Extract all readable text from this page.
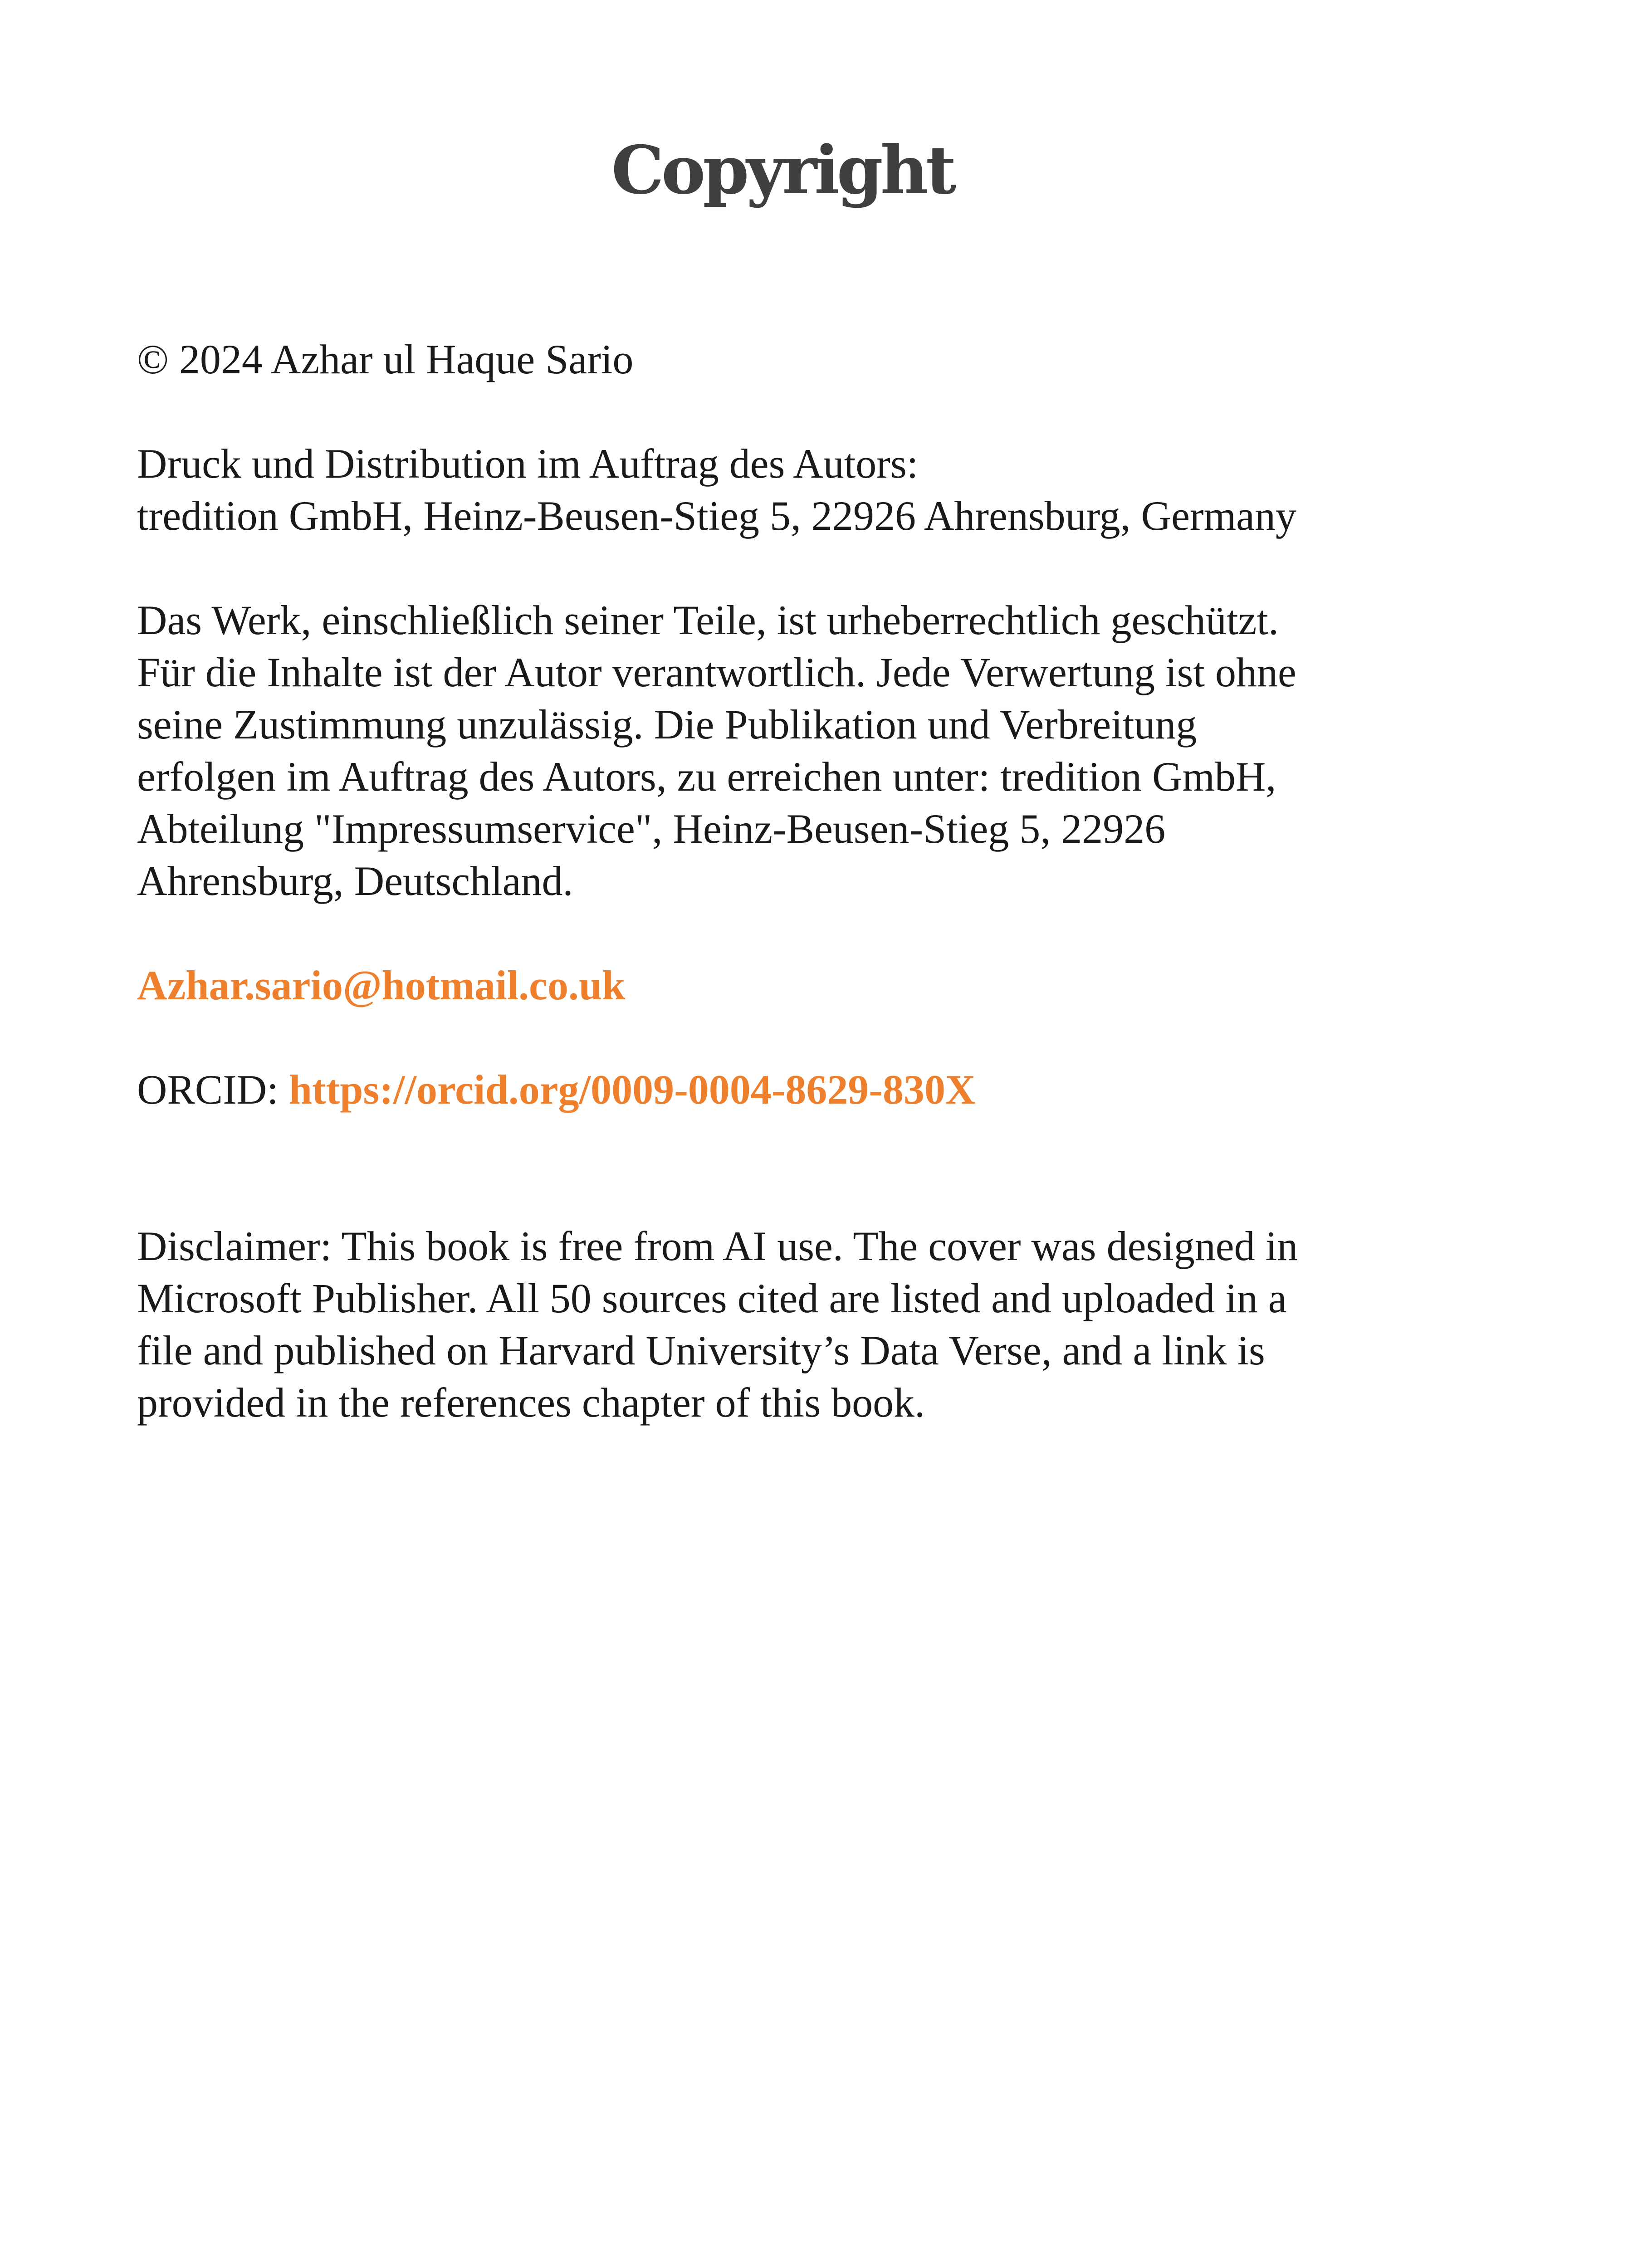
Copyright

© 2024 Azhar ul Haque Sario

Druck und Distribution im Auftrag des Autors:
tredition GmbH, Heinz-Beusen-Stieg 5, 22926 Ahrensburg, Germany

Das Werk, einschließlich seiner Teile, ist urheberrechtlich geschützt.
Für die Inhalte ist der Autor verantwortlich. Jede Verwertung ist ohne
seine Zustimmung unzulässig. Die Publikation und Verbreitung
erfolgen im Auftrag des Autors, zu erreichen unter: tredition GmbH,
Abteilung "Impressumservice", Heinz-Beusen-Stieg 5, 22926
Ahrensburg, Deutschland.

Azhar.sario@hotmail.co.uk

ORCID: https://orcid.org/0009-0004-8629-830X

Disclaimer: This book is free from AI use. The cover was designed in
Microsoft Publisher. All 50 sources cited are listed and uploaded in a
file and published on Harvard University’s Data Verse, and a link is
provided in the references chapter of this book.
